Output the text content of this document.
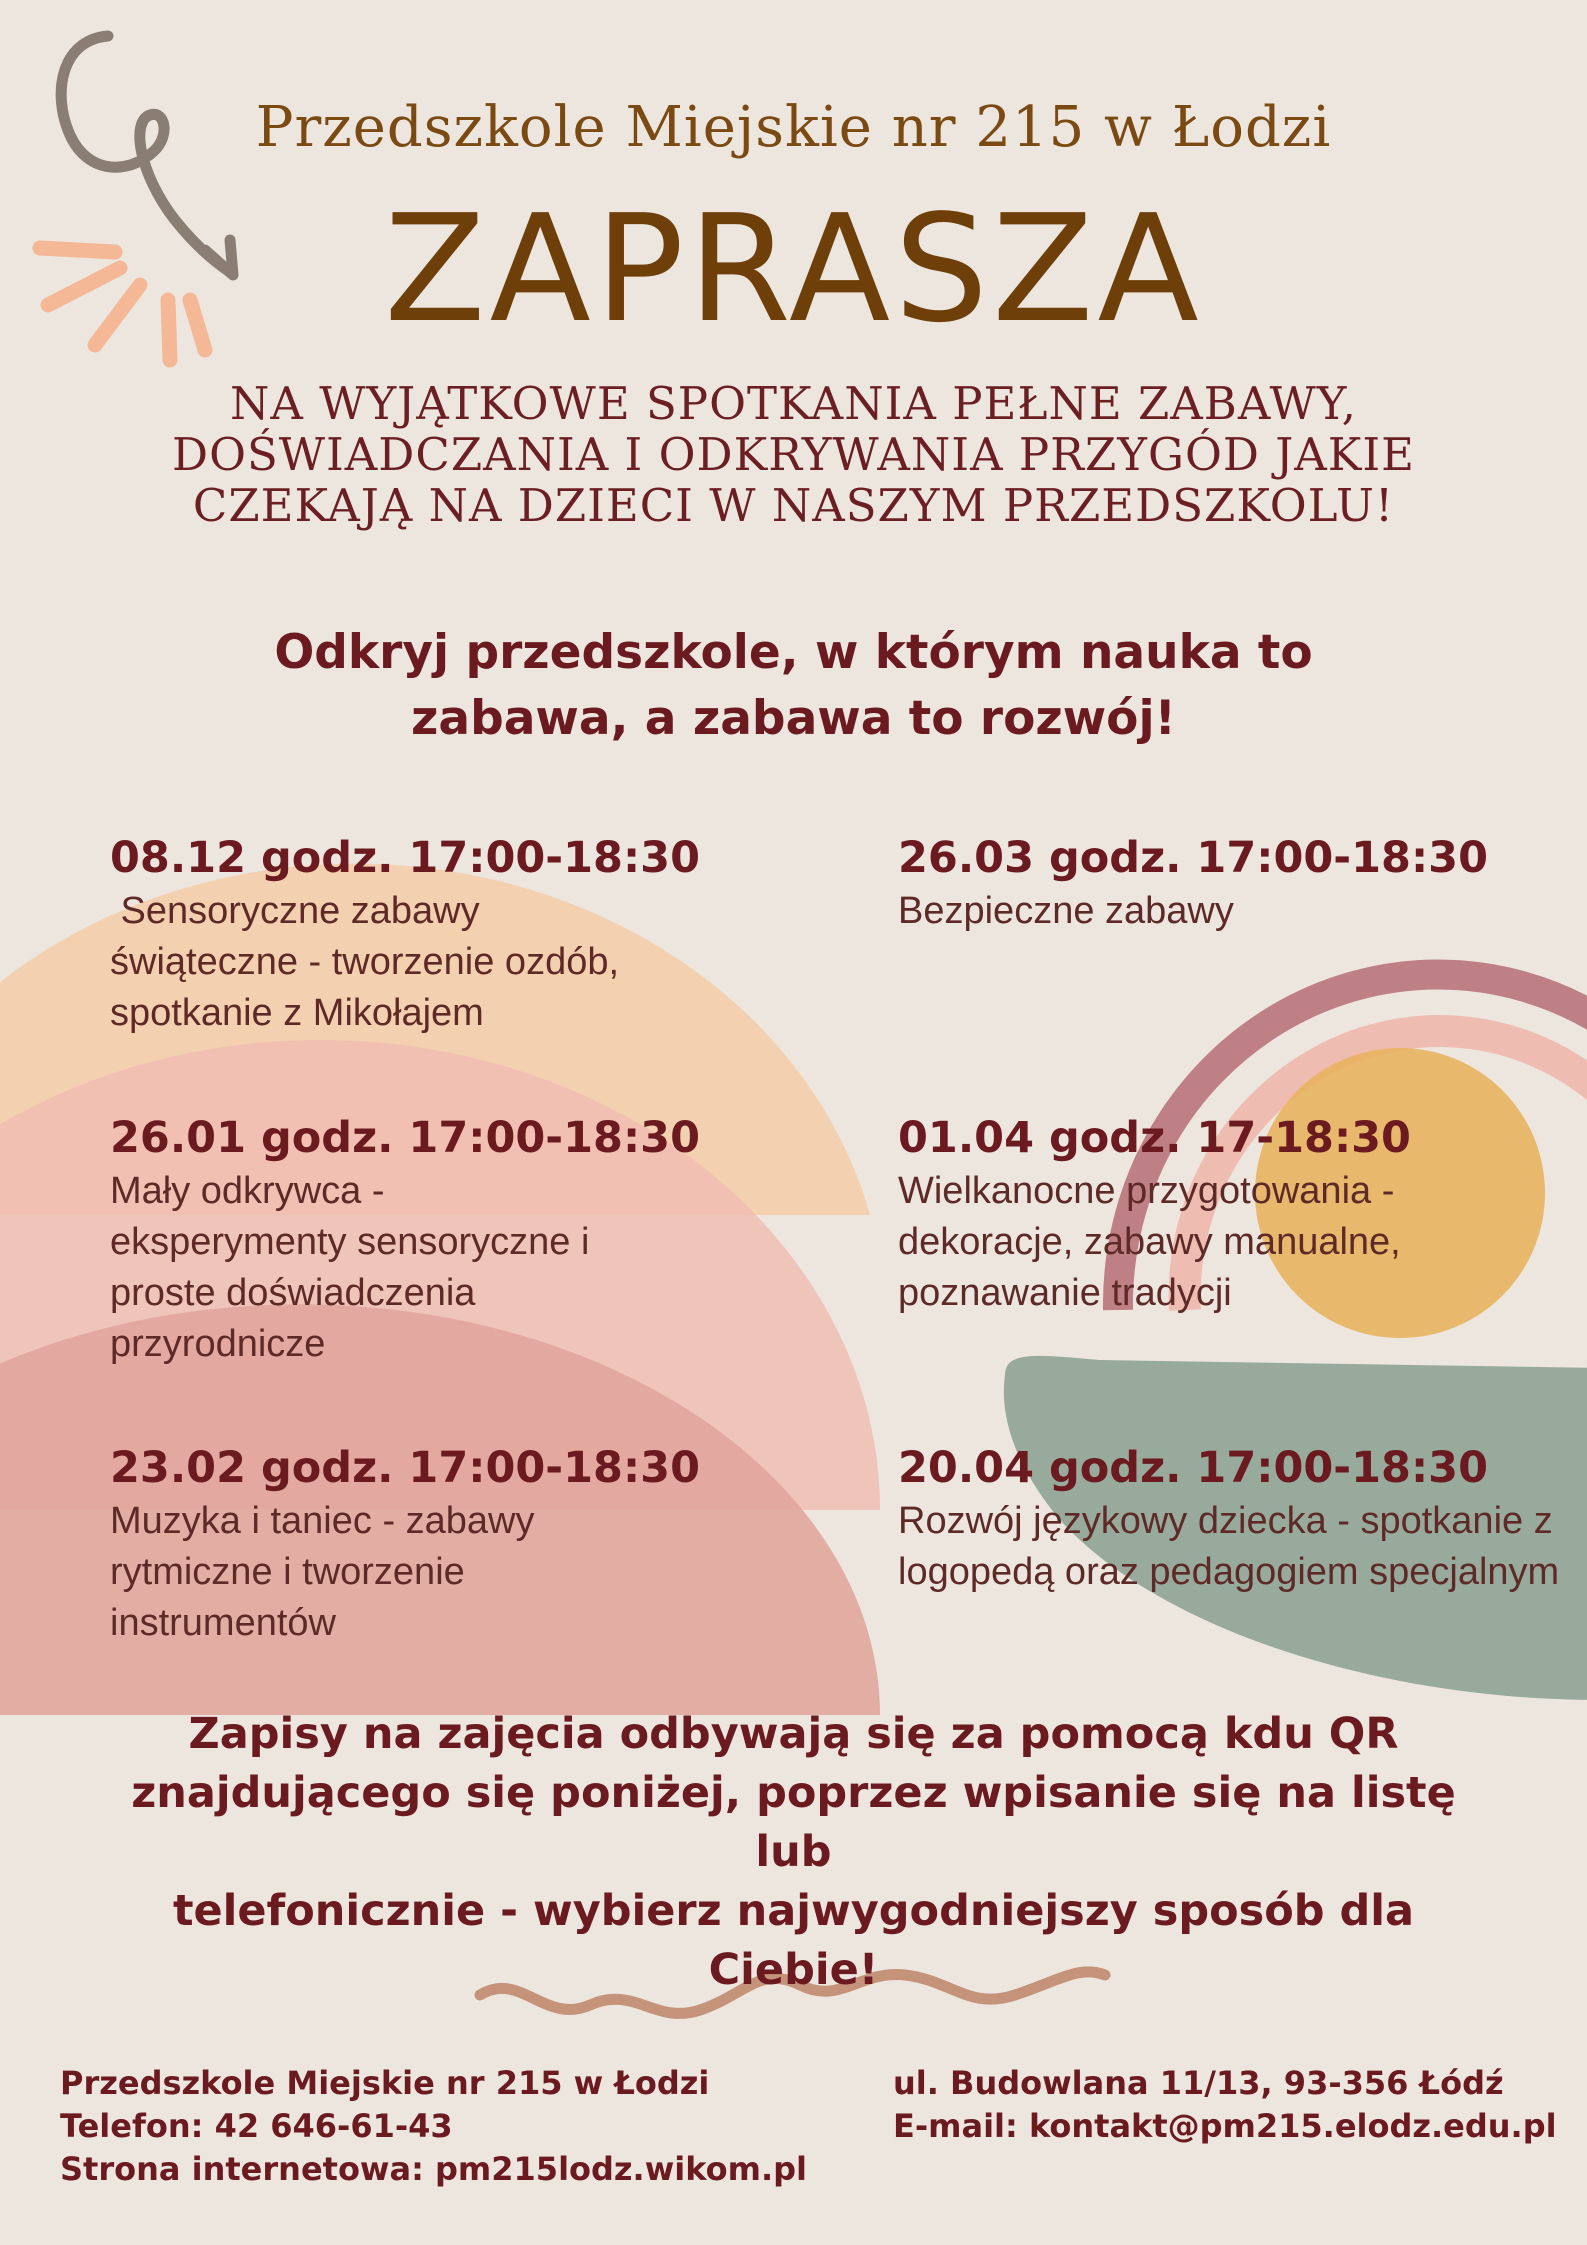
Przedszkole Miejskie nr 215 w Łodzi
ZAPRASZA
NA WYJĄTKOWE SPOTKANIA PEŁNE ZABAWY,
DOŚWIADCZANIA I ODKRYWANIA PRZYGÓD JAKIE
CZEKAJĄ NA DZIECI W NASZYM PRZEDSZKOLU!
Odkryj przedszkole, w którym nauka to
zabawa, a zabawa to rozwój!
08.12 godz. 17:00-18:30
Sensoryczne zabawy
świąteczne - tworzenie ozdób,
spotkanie z Mikołajem
26.03 godz. 17:00-18:30
Bezpieczne zabawy
26.01 godz. 17:00-18:30
Mały odkrywca -
eksperymenty sensoryczne i
proste doświadczenia
przyrodnicze
01.04 godz. 17-18:30
Wielkanocne przygotowania -
dekoracje, zabawy manualne,
poznawanie tradycji
23.02 godz. 17:00-18:30
Muzyka i taniec - zabawy
rytmiczne i tworzenie
instrumentów
20.04 godz. 17:00-18:30
Rozwój językowy dziecka - spotkanie z
logopedą oraz pedagogiem specjalnym
Zapisy na zajęcia odbywają się za pomocą kdu QR
znajdującego się poniżej, poprzez wpisanie się na listę lub
telefonicznie - wybierz najwygodniejszy sposób dla Ciebie!
Przedszkole Miejskie nr 215 w Łodzi
Telefon: 42 646-61-43
Strona internetowa: pm215lodz.wikom.pl
ul. Budowlana 11/13, 93-356 Łódź
E-mail: kontakt@pm215.elodz.edu.pl
